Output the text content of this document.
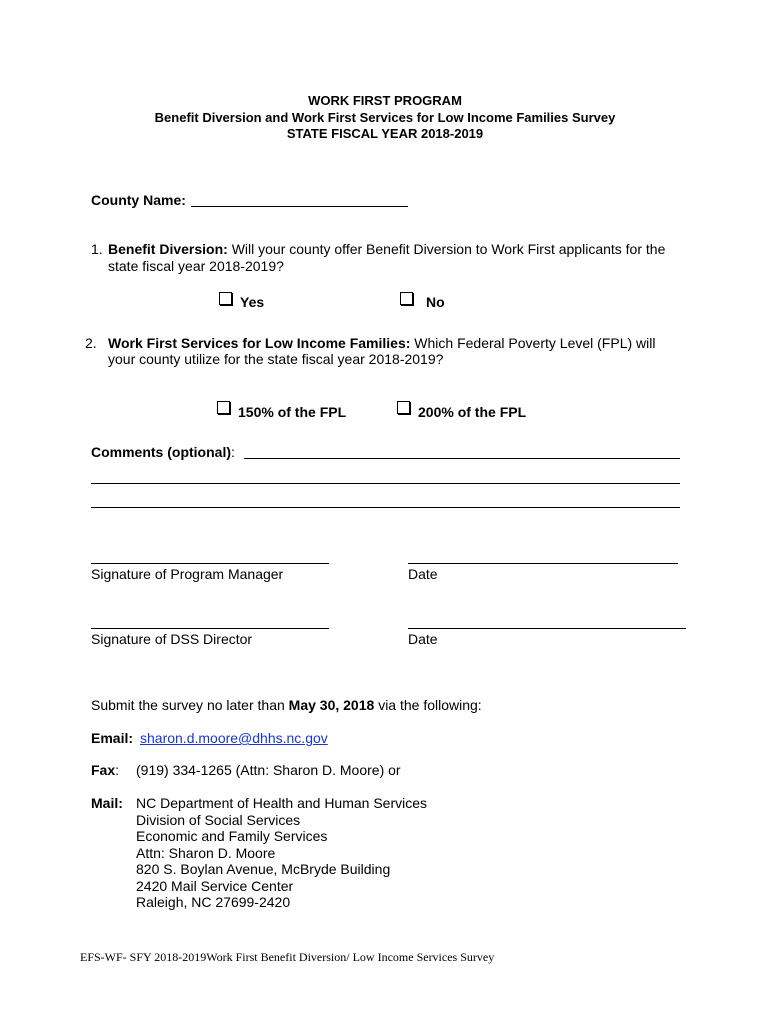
WORK FIRST PROGRAM
Benefit Diversion and Work First Services for Low Income Families Survey
STATE FISCAL YEAR 2018-2019
County Name:
1. Benefit Diversion: Will your county offer Benefit Diversion to Work First applicants for the
state fiscal year 2018-2019?
Yes	No
2. Work First Services for Low Income Families: Which Federal Poverty Level (FPL) will
your county utilize for the state fiscal year 2018-2019?
150% of the FPL	200% of the FPL
Comments (optional):
Signature of Program Manager	Date
Signature of DSS Director	Date
Submit the survey no later than May 30, 2018 via the following:
Email: sharon.d.moore@dhhs.nc.gov
Fax: (919) 334-1265 (Attn: Sharon D. Moore) or
Mail: NC Department of Health and Human Services
Division of Social Services
Economic and Family Services
Attn: Sharon D. Moore
820 S. Boylan Avenue, McBryde Building
2420 Mail Service Center
Raleigh, NC 27699-2420
EFS-WF- SFY 2018-2019Work First Benefit Diversion/ Low Income Services Survey
